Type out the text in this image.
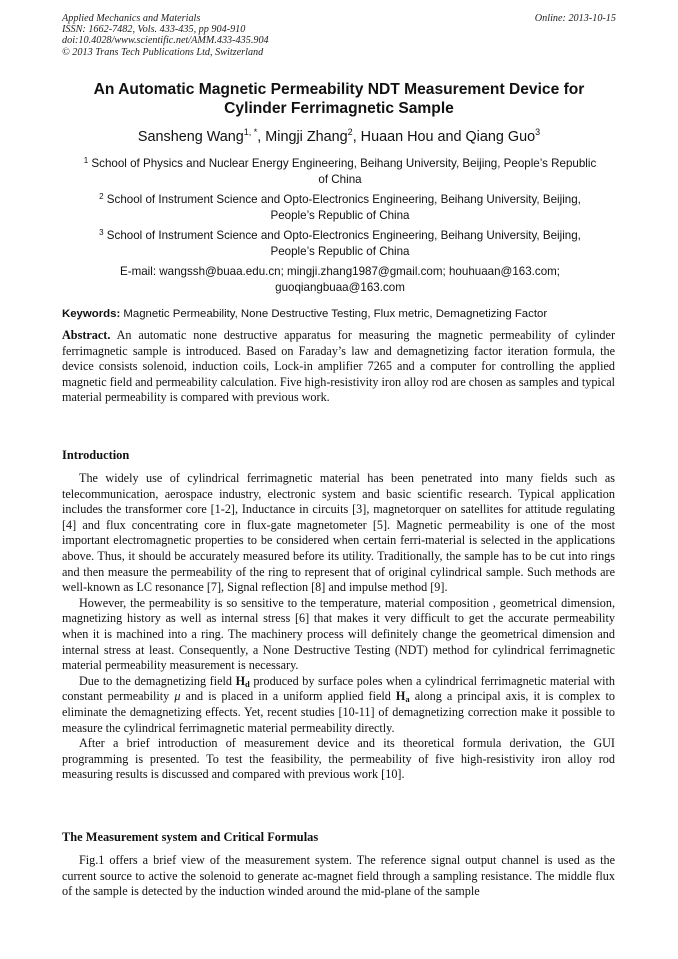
Applied Mechanics and Materials
ISSN: 1662-7482, Vols. 433-435, pp 904-910
doi:10.4028/www.scientific.net/AMM.433-435.904
© 2013 Trans Tech Publications Ltd, Switzerland
Online: 2013-10-15
An Automatic Magnetic Permeability NDT Measurement Device for
Cylinder Ferrimagnetic Sample
Sansheng Wang$^{1, *}$, Mingji Zhang$^2$, Huaan Hou and Qiang Guo$^3$
$^1$ School of Physics and Nuclear Energy Engineering, Beihang University, Beijing, People’s Republic
of China
$^2$ School of Instrument Science and Opto-Electronics Engineering, Beihang University, Beijing,
People’s Republic of China
$^3$ School of Instrument Science and Opto-Electronics Engineering, Beihang University, Beijing,
People’s Republic of China
E-mail: wangssh@buaa.edu.cn; mingji.zhang1987@gmail.com; houhuaan@163.com;
guoqiangbuaa@163.com
Keywords: Magnetic Permeability, None Destructive Testing, Flux metric, Demagnetizing Factor

Abstract. An automatic none destructive apparatus for measuring the magnetic permeability of cylinder ferrimagnetic sample is introduced. Based on Faraday’s law and demagnetizing factor iteration formula, the device consists solenoid, induction coils, Lock-in amplifier 7265 and a computer for controlling the applied magnetic field and permeability calculation. Five high-resistivity iron alloy rod are chosen as samples and typical material permeability is compared with previous work.

Introduction

The widely use of cylindrical ferrimagnetic material has been penetrated into many fields such as telecommunication, aerospace industry, electronic system and basic scientific research. Typical application includes the transformer core [1-2], Inductance in circuits [3], magnetorquer on satellites for attitude regulating [4] and flux concentrating core in flux-gate magnetometer [5]. Magnetic permeability is one of the most important electromagnetic properties to be considered when certain ferri-material is selected in the applications above. Thus, it should be accurately measured before its utility. Traditionally, the sample has to be cut into rings and then measure the permeability of the ring to represent that of original cylindrical sample. Such methods are well-known as LC resonance [7], Signal reflection [8] and impulse method [9].

However, the permeability is so sensitive to the temperature, material composition , geometrical dimension, magnetizing history as well as internal stress [6] that makes it very difficult to get the accurate permeability when it is machined into a ring. The machinery process will definitely change the geometrical dimension and internal stress at least. Consequently, a None Destructive Testing (NDT) method for cylindrical ferrimagnetic material permeability measurement is necessary.

Due to the demagnetizing field $H_d$ produced by surface poles when a cylindrical ferrimagnetic material with constant permeability μ and is placed in a uniform applied field $H_a$ along a principal axis, it is complex to eliminate the demagnetizing effects. Yet, recent studies [10-11] of demagnetizing correction make it possible to measure the cylindrical ferrimagnetic material permeability directly.

After a brief introduction of measurement device and its theoretical formula derivation, the GUI programming is presented. To test the feasibility, the permeability of five high-resistivity iron alloy rod measuring results is discussed and compared with previous work [10].

The Measurement system and Critical Formulas

Fig.1 offers a brief view of the measurement system. The reference signal output channel is used as the current source to active the solenoid to generate ac-magnet field through a sampling resistance. The middle flux of the sample is detected by the induction winded around the mid-plane of the sample
